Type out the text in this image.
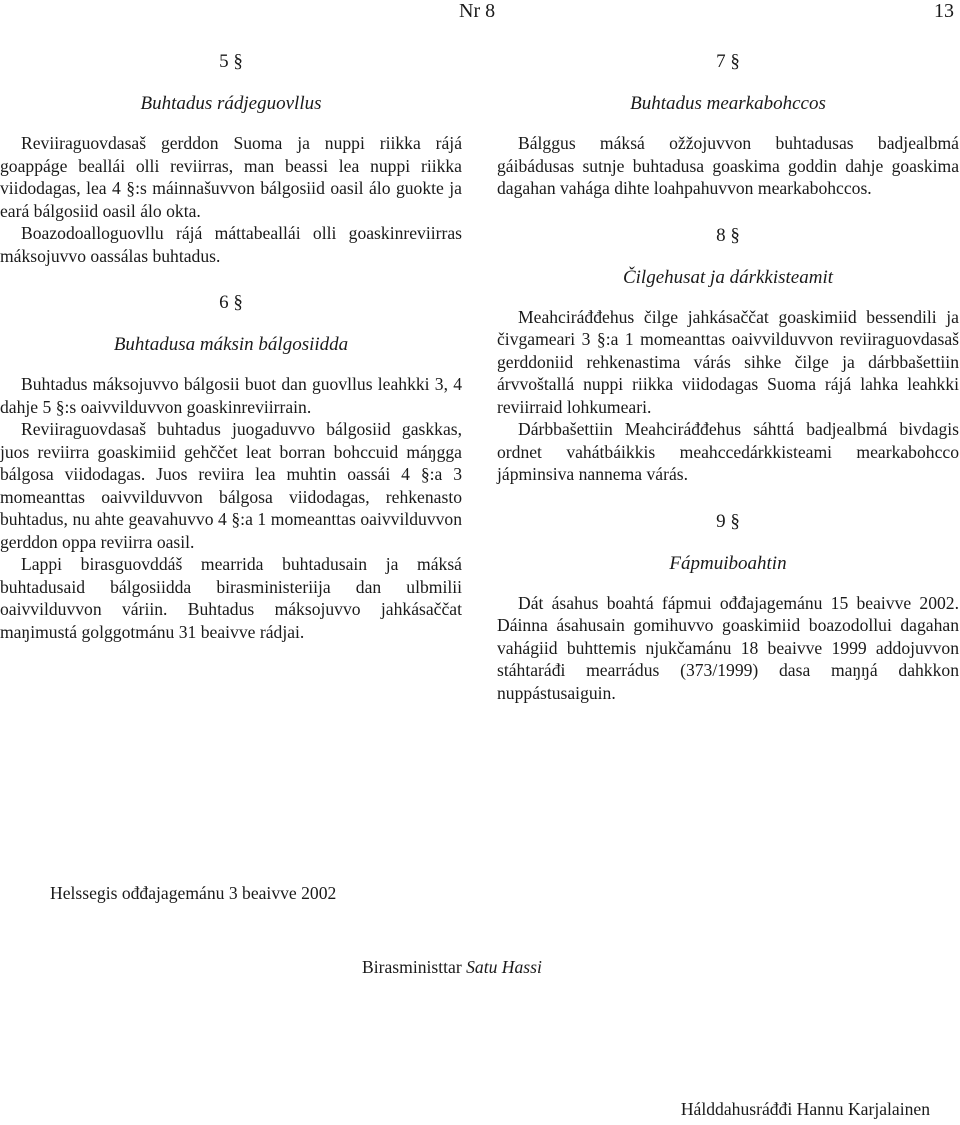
Nr 8	13
5 §
Buhtadus rádjeguovllus

Reviiraguovdasaš gerddon Suoma ja nuppi riikka rájá goappáge beallái olli reviirras, man beassi lea nuppi riikka viidodagas, lea 4 §:s máinnašuvvon bálgosiid oasil álo guokte ja eará bálgosiid oasil álo okta.

Boazodoalloguovllu rájá máttabeallái olli goaskinreviirras máksojuvvo oassálas buhtadus.

6 §
Buhtadusa máksin bálgosiidda

Buhtadus máksojuvvo bálgosii buot dan guovllus leahkki 3, 4 dahje 5 §:s oaivvilduvvon goaskinreviirrain.

Reviiraguovdasaš buhtadus juogaduvvo bálgosiid gaskkas, juos reviirra goaskimiid gehččet leat borran bohccuid máŋgga bálgosa viidodagas. Juos reviira lea muhtin oassái 4 §:a 3 momeanttas oaivvilduvvon bálgosa viidodagas, rehkenasto buhtadus, nu ahte geavahuvvo 4 §:a 1 momeanttas oaivvilduvvon gerddon oppa reviirra oasil.

Lappi birasguovddáš mearrida buhtadusain ja máksá buhtadusaid bálgosiidda birasministeriija dan ulbmilii oaivvilduvvon váriin. Buhtadus máksojuvvo jahkásaččat maŋimustá golggotmánu 31 beaivve rádjai.

7 §
Buhtadus mearkabohccos

Bálggus máksá ožžojuvvon buhtadusas badjealbmá gáibádusas sutnje buhtadusa goaskima goddin dahje goaskima dagahan vahága dihte loahpahuvvon mearkabohccos.

8 §
Čilgehusat ja dárkkisteamit

Meahciráđđehus čilge jahkásaččat goaskimiid bessendili ja čivgameari 3 §:a 1 momeanttas oaivvilduvvon reviiraguovdasaš gerddoniid rehkenastima várás sihke čilge ja dárbbašettiin árvvoštallá nuppi riikka viidodagas Suoma rájá lahka leahkki reviirraid lohkumeari.

Dárbbašettiin Meahciráđđehus sáhttá badjealbmá bivdagis ordnet vahátbáikkis meahccedárkkisteami mearkabohcco jápminsiva nannema várás.

9 §
Fápmuiboahtin

Dát ásahus boahtá fápmui ođđajagemánu 15 beaivve 2002. Dáinna ásahusain gomihuvvo goaskimiid boazodollui dagahan vahágiid buhttemis njukčamánu 18 beaivve 1999 addojuvvon stáhtaráđi mearrádus (373/1999) dasa maŋŋá dahkkon nuppástusaiguin.

Helssegis ođđajagemánu 3 beaivve 2002
Birasministtar Satu Hassi
Hálddahusráđđi Hannu Karjalainen
